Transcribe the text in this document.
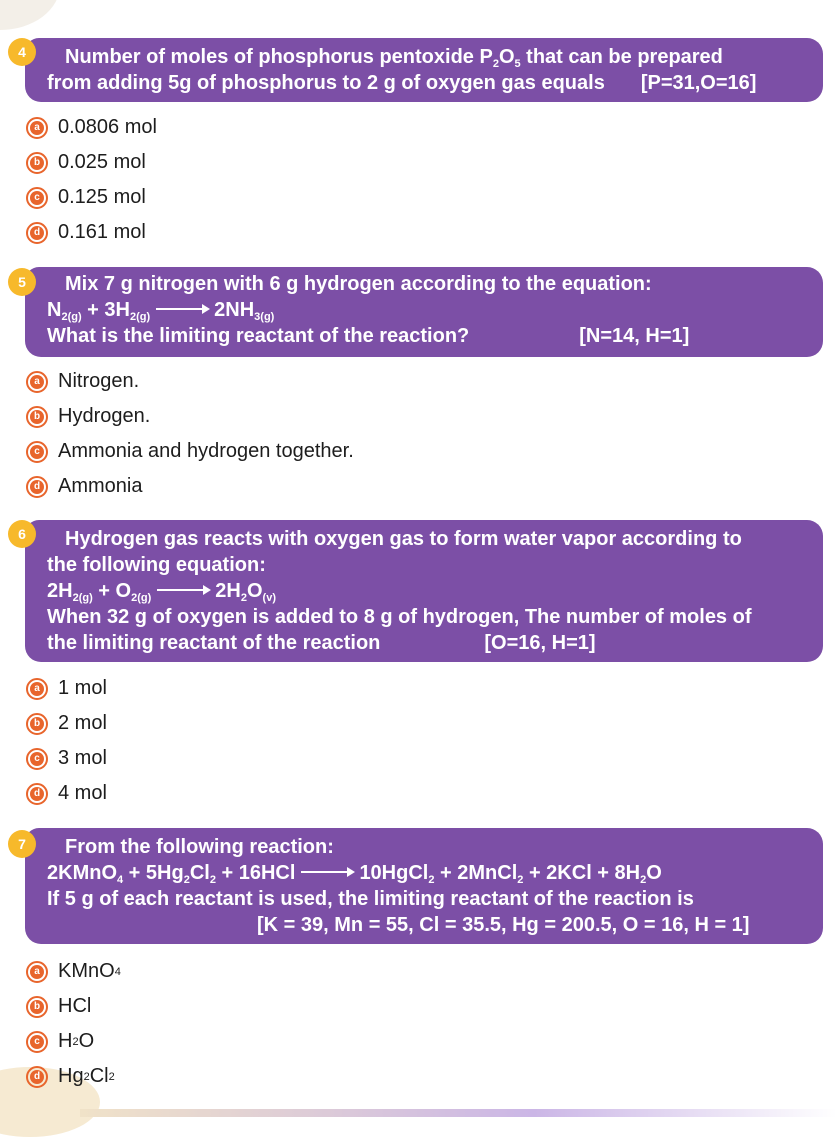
Number of moles of phosphorus pentoxide $P_2O_5$ that can be prepared
from adding 5g of phosphorus to 2 g of oxygen gas equals [P=31,O=16]
4
a 0.0806 mol
b 0.025 mol
c 0.125 mol
d 0.161 mol
Mix 7 g nitrogen with 6 g hydrogen according to the equation:
$N_{2(g)} + 3H_{2(g)} \to 2NH_{3(g)}$
What is the limiting reactant of the reaction?	[N=14, H=1]
5
a Nitrogen.
b Hydrogen.
c Ammonia and hydrogen together.
d Ammonia
Hydrogen gas reacts with oxygen gas to form water vapor according to
the following equation:
$2H_{2(g)} + O_{2(g)} \to 2H_2O_{(v)}$
When 32 g of oxygen is added to 8 g of hydrogen, The number of moles of
the limiting reactant of the reaction	[O=16, H=1]
6
a 1 mol
b 2 mol
c 3 mol
d 4 mol
From the following reaction:
2KMnO$_4$ + $5Hg_2Cl_2 + 16HCl$ → 10HgCl$_2$ + 2MnCl$_2$ + $2KCl + 8H_2O$
If 5 g of each reactant is used, the limiting reactant of the reaction is
[K = 39, Mn = 55, Cl = 35.5, Hg = 200.5, O = 16, H = 1]
7
a KMnO 4
b HCl
c H 2 O
d Hg 2 Cl 2
